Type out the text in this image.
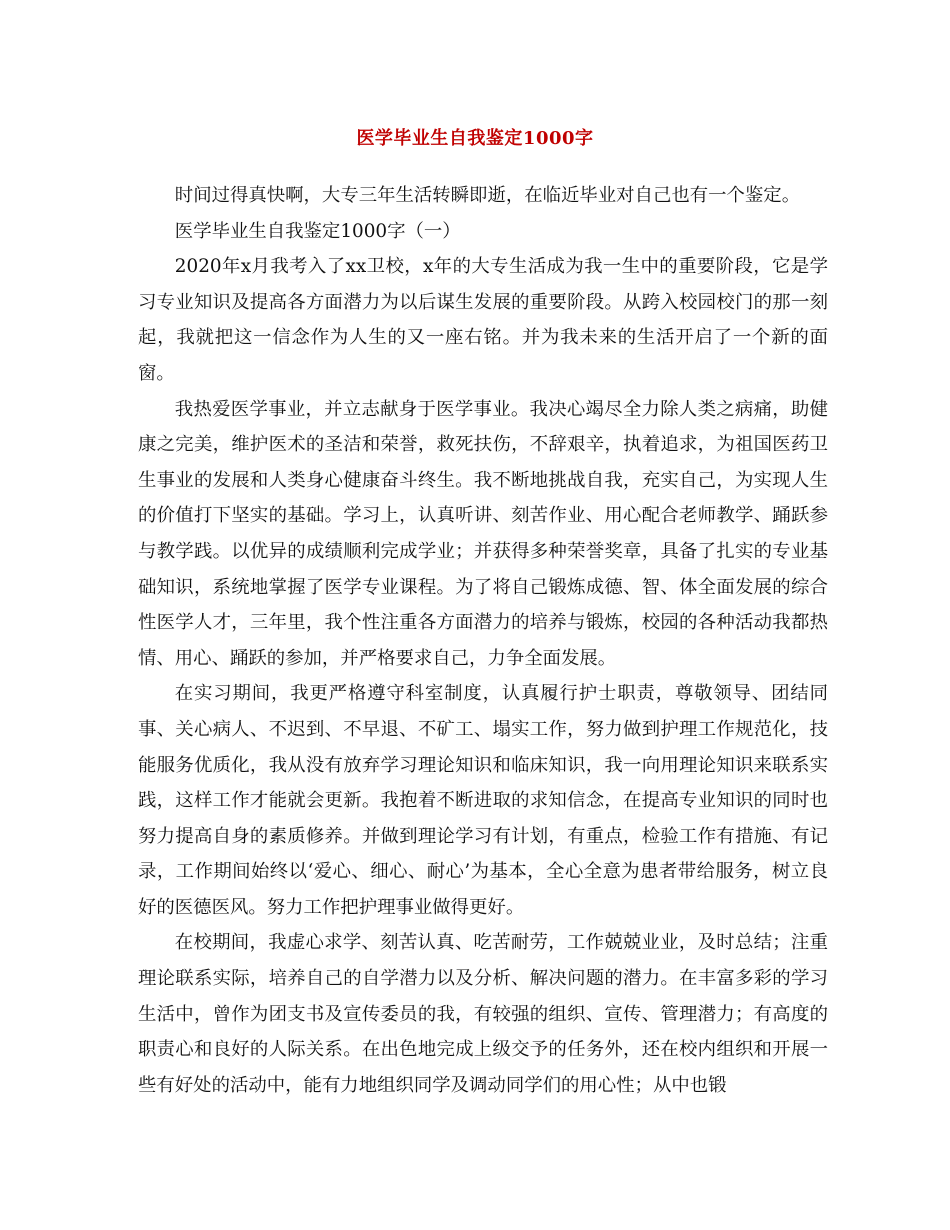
医学毕业生自我鉴定1000字

时间过得真快啊，大专三年生活转瞬即逝，在临近毕业对自己也有一个鉴定。

医学毕业生自我鉴定1000字（一）

2020年x月我考入了xx卫校，x年的大专生活成为我一生中的重要阶段，它是学习专业知识及提高各方面潜力为以后谋生发展的重要阶段。从跨入校园校门的那一刻起，我就把这一信念作为人生的又一座右铭。并为我未来的生活开启了一个新的面窗。

我热爱医学事业，并立志献身于医学事业。我决心竭尽全力除人类之病痛，助健康之完美，维护医术的圣洁和荣誉，救死扶伤，不辞艰辛，执着追求，为祖国医药卫生事业的发展和人类身心健康奋斗终生。我不断地挑战自我，充实自己，为实现人生的价值打下坚实的基础。学习上，认真听讲、刻苦作业、用心配合老师教学、踊跃参与教学践。以优异的成绩顺利完成学业；并获得多种荣誉奖章，具备了扎实的专业基础知识，系统地掌握了医学专业课程。为了将自己锻炼成德、智、体全面发展的综合性医学人才，三年里，我个性注重各方面潜力的培养与锻炼，校园的各种活动我都热情、用心、踊跃的参加，并严格要求自己，力争全面发展。

在实习期间，我更严格遵守科室制度，认真履行护士职责，尊敬领导、团结同事、关心病人、不迟到、不早退、不矿工、塌实工作，努力做到护理工作规范化，技能服务优质化，我从没有放弃学习理论知识和临床知识，我一向用理论知识来联系实践，这样工作才能就会更新。我抱着不断进取的求知信念，在提高专业知识的同时也努力提高自身的素质修养。并做到理论学习有计划，有重点，检验工作有措施、有记录，工作期间始终以‘爱心、细心、耐心’为基本，全心全意为患者带给服务，树立良好的医德医风。努力工作把护理事业做得更好。

在校期间，我虚心求学、刻苦认真、吃苦耐劳，工作兢兢业业，及时总结；注重理论联系实际，培养自己的自学潜力以及分析、解决问题的潜力。在丰富多彩的学习生活中，曾作为团支书及宣传委员的我，有较强的组织、宣传、管理潜力；有高度的职责心和良好的人际关系。在出色地完成上级交予的任务外，还在校内组织和开展一些有好处的活动中，能有力地组织同学及调动同学们的用心性；从中也锻
